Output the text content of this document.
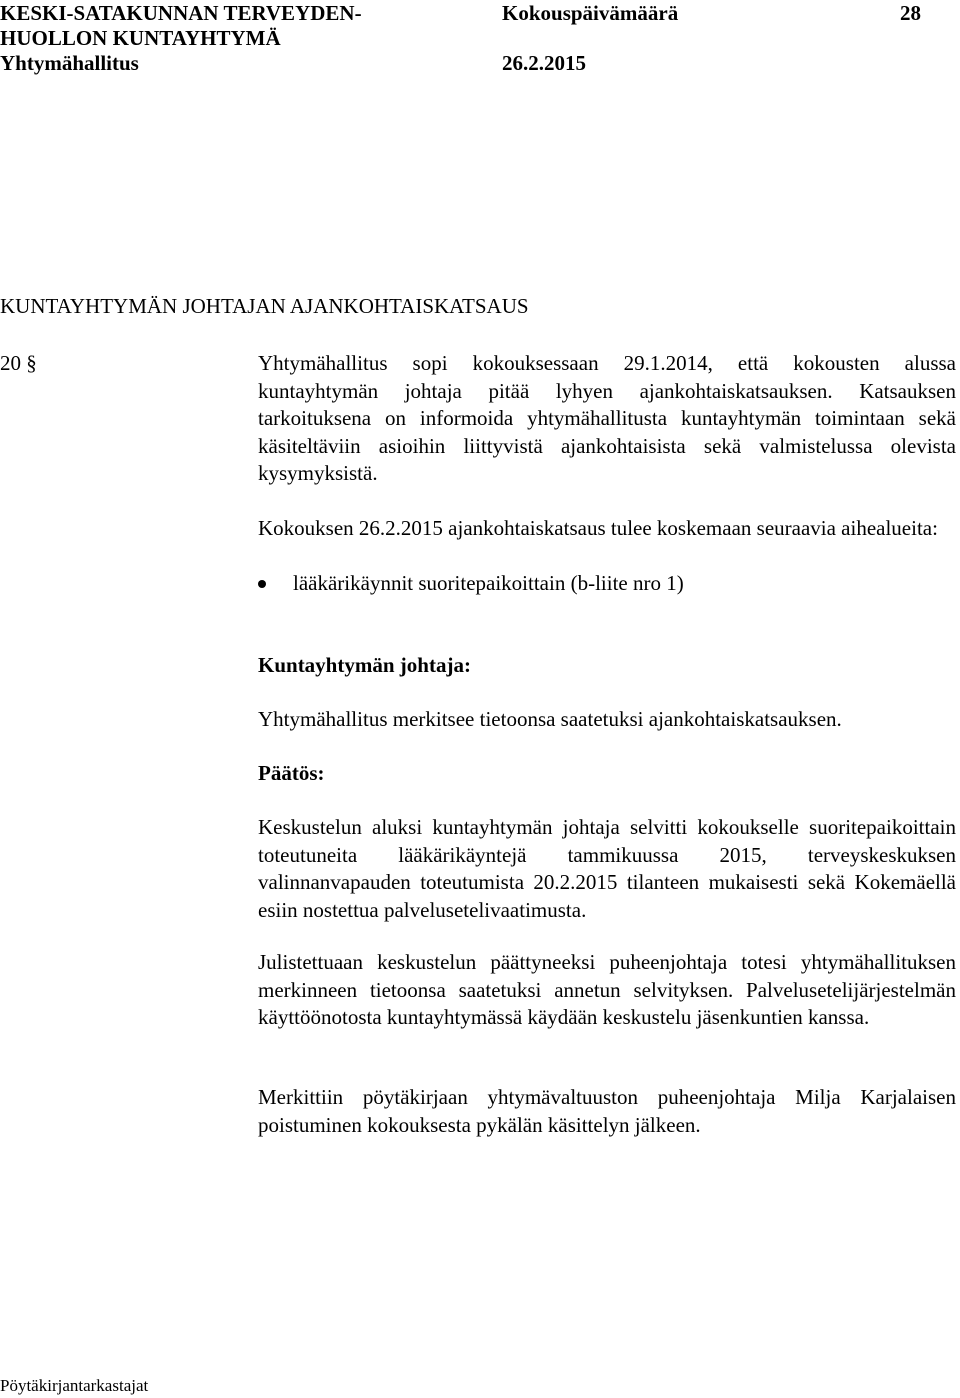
KESKI-SATAKUNNAN TERVEYDEN-
HUOLLON KUNTAYHTYMÄ
Yhtymähallitus
Kokouspäivämäärä
26.2.2015
28
KUNTAYHTYMÄN JOHTAJAN AJANKOHTAISKATSAUS
20 §	Yhtymähallitus sopi kokouksessaan 29.1.2014, että kokousten alussa kuntayhtymän johtaja pitää lyhyen ajankohtaiskatsauksen. Katsauksen tarkoituksena on informoida yhtymähallitusta kuntayhtymän toimintaan sekä käsiteltäviin asioihin liittyvistä ajankohtaisista sekä valmistelussa olevista kysymyksistä.

Kokouksen 26.2.2015 ajankohtaiskatsaus tulee koskemaan seuraavia aihealueita:

lääkärikäynnit suoritepaikoittain (b-liite nro 1)
Kuntayhtymän johtaja:
Yhtymähallitus merkitsee tietoonsa saatetuksi ajankohtaiskatsauksen.
Päätös:

Keskustelun aluksi kuntayhtymän johtaja selvitti kokoukselle suoritepaikoittain toteutuneita lääkärikäyntejä tammikuussa 2015, terveyskeskuksen valinnanvapauden toteutumista 20.2.2015 tilanteen mukaisesti sekä Kokemäellä esiin nostettua palvelusetelivaatimusta.

Julistettuaan keskustelun päättyneeksi puheenjohtaja totesi yhtymähallituksen merkinneen tietoonsa saatetuksi annetun selvityksen. Palvelusetelijärjestelmän käyttöönotosta kuntayhtymässä käydään keskustelu jäsenkuntien kanssa.

Merkittiin pöytäkirjaan yhtymävaltuuston puheenjohtaja Milja Karjalaisen poistuminen kokouksesta pykälän käsittelyn jälkeen.

Pöytäkirjantarkastajat
